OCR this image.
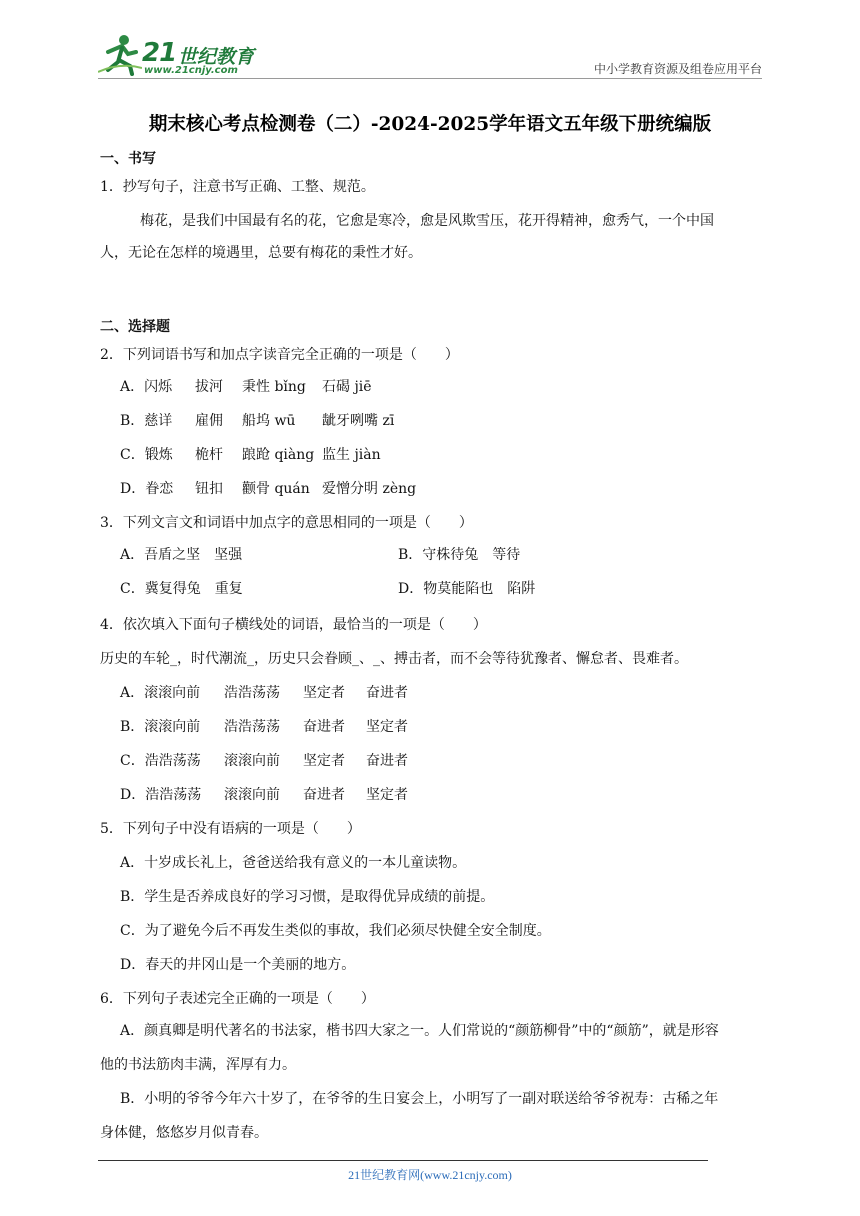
21 世纪教育
www.21cnjy.com	中小学教育资源及组卷应用平台
期末核心考点检测卷（二）-2024-2025学年语文五年级下册统编版
一、书写
1．抄写句子，注意书写正确、工整、规范。
梅花，是我们中国最有名的花，它愈是寒冷，愈是风欺雪压，花开得精神，愈秀气，一个中国
人，无论在怎样的境遇里，总要有梅花的秉性才好。
二、选择题
2．下列词语书写和加点字读音完全正确的一项是（　　）
A．闪烁 拔河 秉性 bǐng 石碣 jiē
B．慈详 雇佣 船坞 wū 龇牙咧嘴 zī
C．锻炼 桅杆 踉跄 qiàng 监生 jiàn
D．眷恋 钮扣 颧骨 quán 爱憎分明 zèng
3．下列文言文和词语中加点字的意思相同的一项是（　　）
A．吾盾之坚　坚强	B．守株待兔　等待
C．冀复得兔　重复	D．物莫能陷也　陷阱
4．依次填入下面句子横线处的词语，最恰当的一项是（　　）
历史的车轮_，时代潮流_，历史只会眷顾_、_、搏击者，而不会等待犹豫者、懈怠者、畏难者。
A．滚滚向前 浩浩荡荡 坚定者 奋进者
B．滚滚向前 浩浩荡荡 奋进者 坚定者
C．浩浩荡荡 滚滚向前 坚定者 奋进者
D．浩浩荡荡 滚滚向前 奋进者 坚定者
5．下列句子中没有语病的一项是（　　）
A．十岁成长礼上，爸爸送给我有意义的一本儿童读物。
B．学生是否养成良好的学习习惯，是取得优异成绩的前提。
C．为了避免今后不再发生类似的事故，我们必须尽快健全安全制度。
D．春天的井冈山是一个美丽的地方。
6．下列句子表述完全正确的一项是（　　）
A．颜真卿是明代著名的书法家，楷书四大家之一。人们常说的“颜筋柳骨”中的“颜筋”，就是形容
他的书法筋肉丰满，浑厚有力。
B．小明的爷爷今年六十岁了，在爷爷的生日宴会上，小明写了一副对联送给爷爷祝寿：古稀之年
身体健，悠悠岁月似青春。
21世纪教育网(www.21cnjy.com)
